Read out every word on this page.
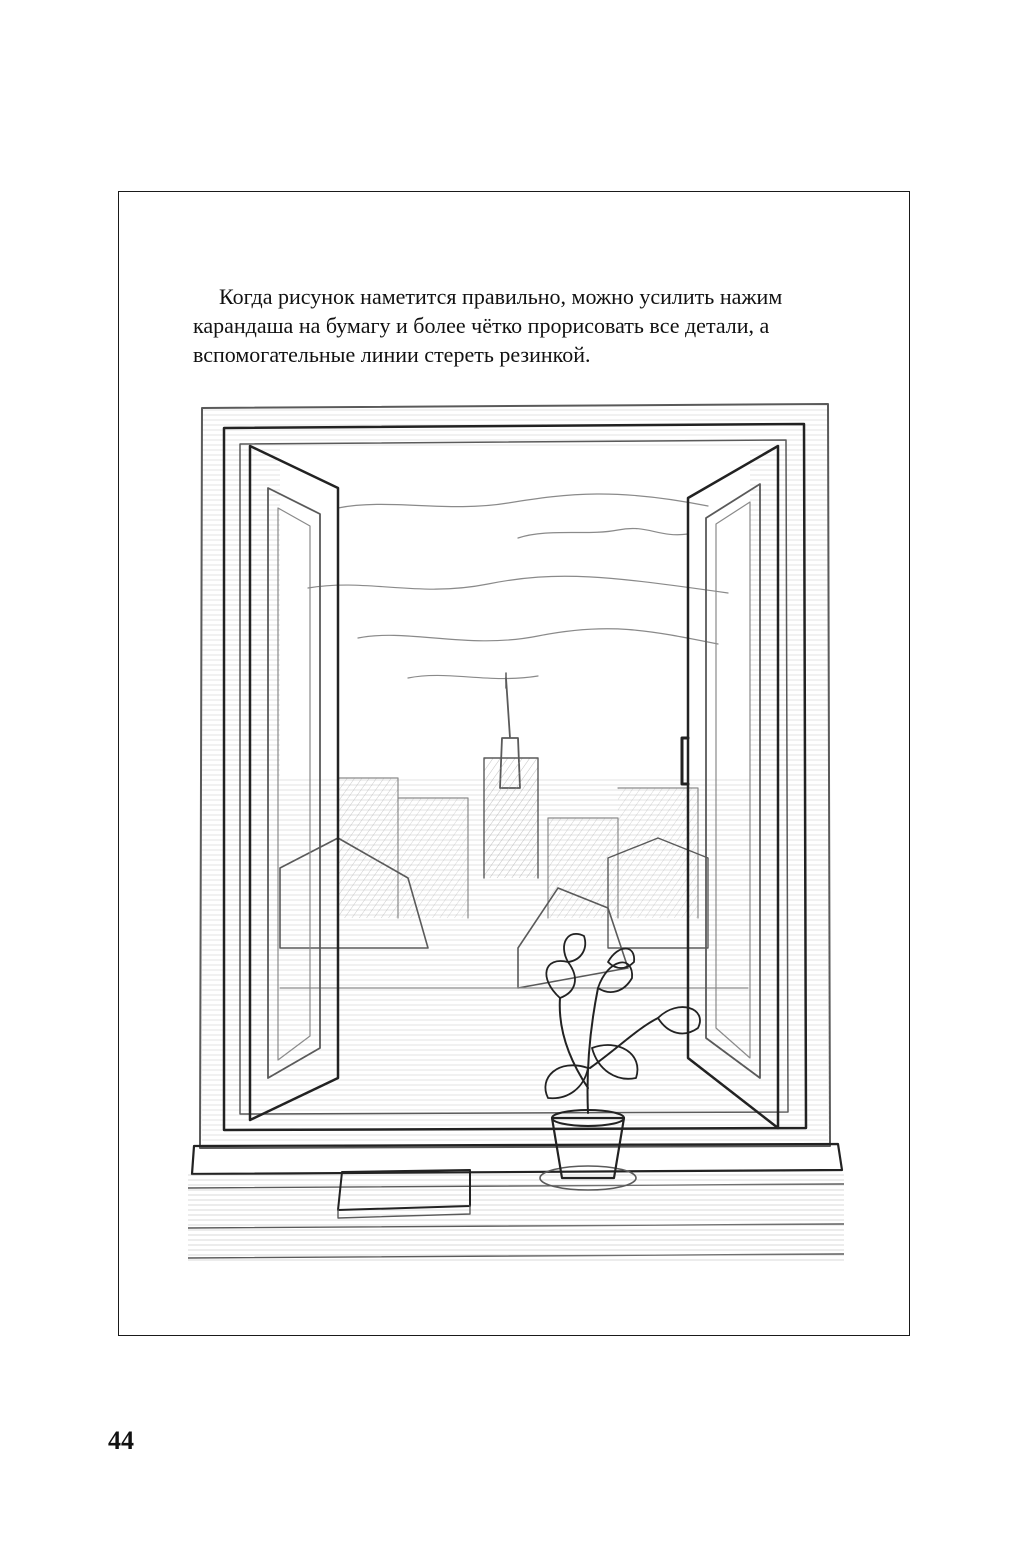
Когда рисунок наметится правильно, можно усилить нажим карандаша на бумагу и более чётко прорисовать все детали, а вспомогательные линии стереть резинкой.

44
